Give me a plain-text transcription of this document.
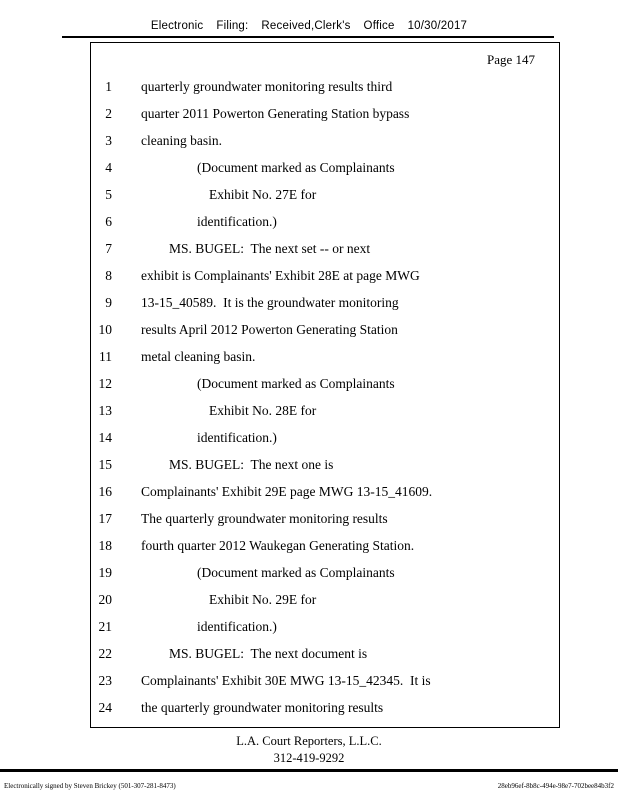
Electronic Filing: Received,Clerk's Office 10/30/2017
Page 147
1 quarterly groundwater monitoring results third
2 quarter 2011 Powerton Generating Station bypass
3 cleaning basin.
4	(Document marked as Complainants
5	Exhibit No. 27E for
6	identification.)
7	MS. BUGEL:  The next set -- or next
8 exhibit is Complainants' Exhibit 28E at page MWG
9 13-15_40589.  It is the groundwater monitoring
10 results April 2012 Powerton Generating Station
11 metal cleaning basin.
12	(Document marked as Complainants
13	Exhibit No. 28E for
14	identification.)
15	MS. BUGEL:  The next one is
16 Complainants' Exhibit 29E page MWG 13-15_41609.
17 The quarterly groundwater monitoring results
18 fourth quarter 2012 Waukegan Generating Station.
19	(Document marked as Complainants
20	Exhibit No. 29E for
21	identification.)
22	MS. BUGEL:  The next document is
23 Complainants' Exhibit 30E MWG 13-15_42345.  It is
24 the quarterly groundwater monitoring results
L.A. Court Reporters, L.L.C.
312-419-9292
Electronically signed by Steven Brickey (501-307-281-8473)	28eb96ef-8b8c-494e-98e7-702bee84b3f2
